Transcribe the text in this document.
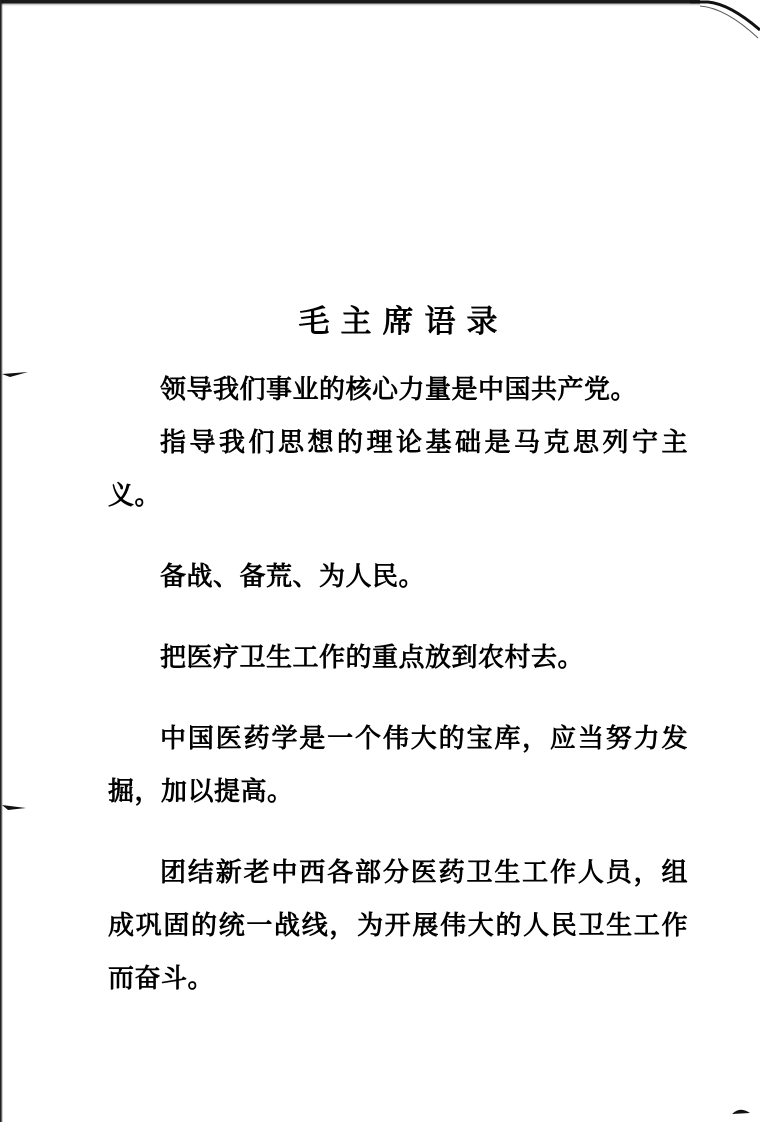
毛主席语录

领导我们事业的核心力量是中国共产党。

指导我们思想的理论基础是马克思列宁主义。

备战、备荒、为人民。

把医疗卫生工作的重点放到农村去。

中国医药学是一个伟大的宝库，应当努力发掘，加以提高。

团结新老中西各部分医药卫生工作人员，组成巩固的统一战线，为开展伟大的人民卫生工作而奋斗。
